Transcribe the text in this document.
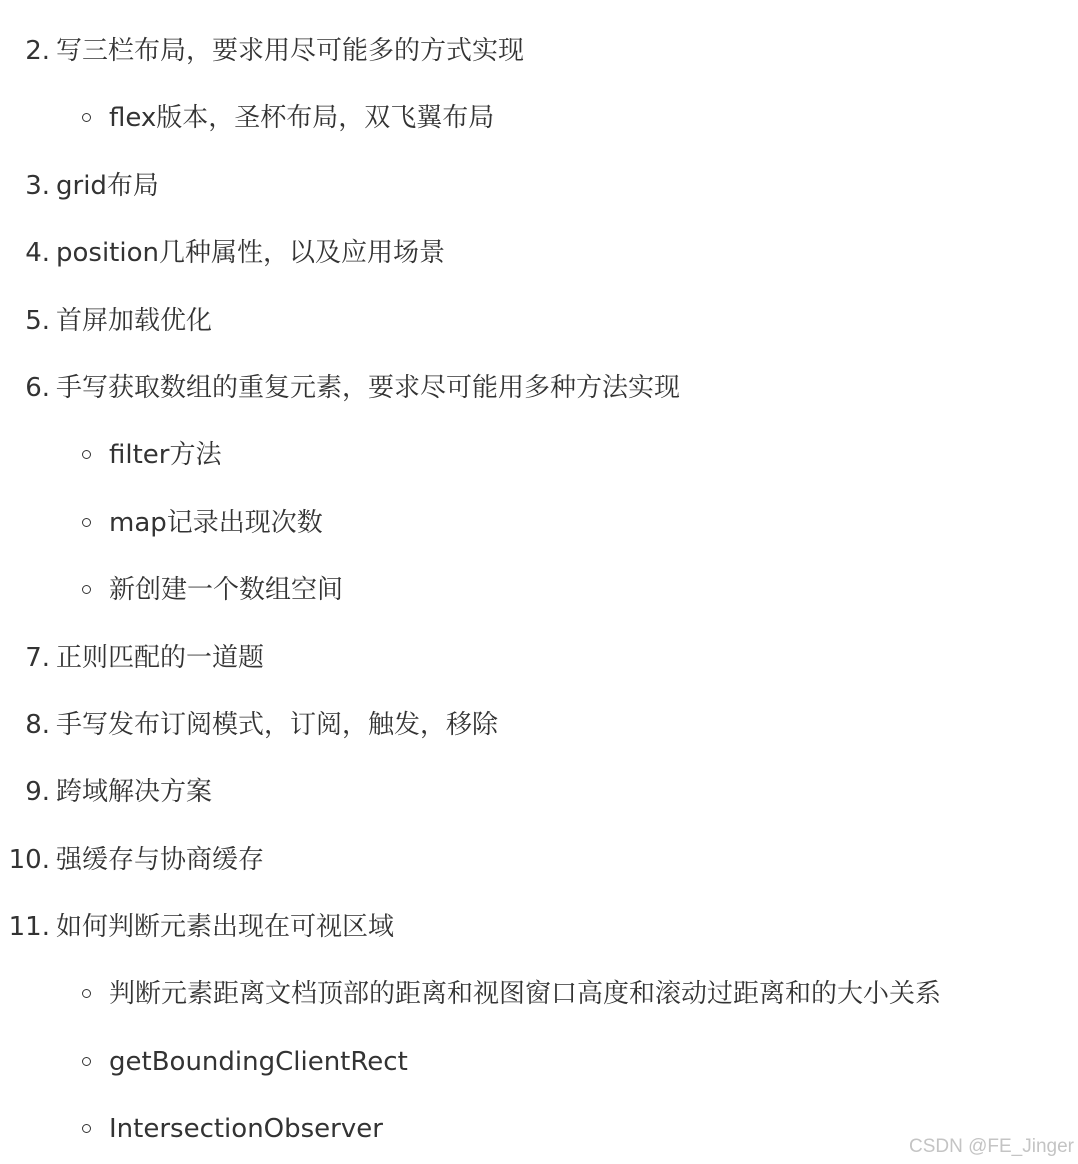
2. 写三栏布局，要求用尽可能多的方式实现
flex版本，圣杯布局，双飞翼布局
3. grid布局
4. position几种属性，以及应用场景
5. 首屏加载优化
6. 手写获取数组的重复元素，要求尽可能用多种方法实现
filter方法
map记录出现次数
新创建一个数组空间
7. 正则匹配的一道题
8. 手写发布订阅模式，订阅，触发，移除
9. 跨域解决方案
10. 强缓存与协商缓存
11. 如何判断元素出现在可视区域
判断元素距离文档顶部的距离和视图窗口高度和滚动过距离和的大小关系
getBoundingClientRect
IntersectionObserver
CSDN @FE_Jinger
